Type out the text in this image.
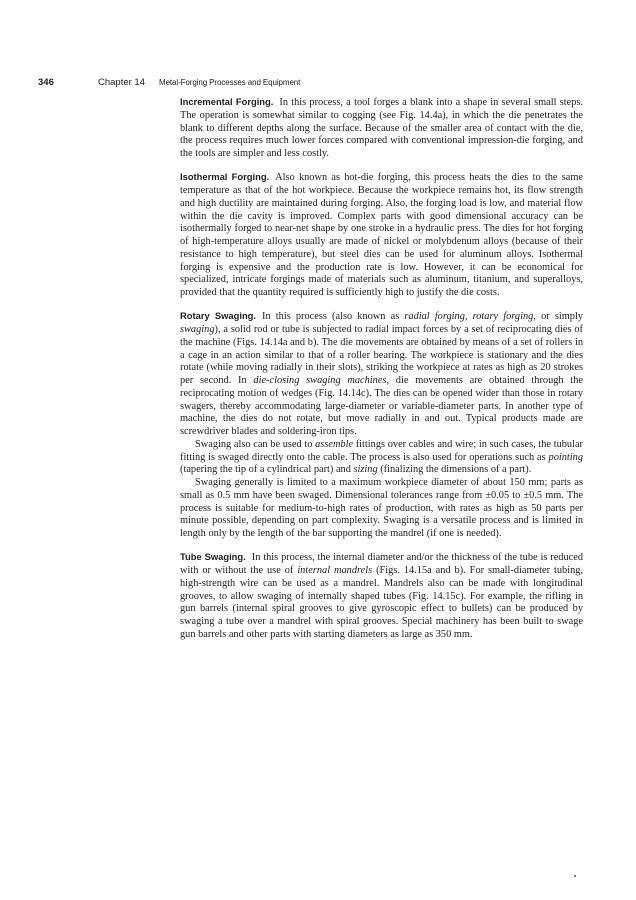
346	Chapter 14 Metal-Forging Processes and Equipment

Incremental Forging. In this process, a tool forges a blank into a shape in several small steps. The operation is somewhat similar to cogging (see Fig. 14.4a), in which the die penetrates the blank to different depths along the surface. Because of the smaller area of contact with the die, the process requires much lower forces compared with conventional impression-die forging, and the tools are simpler and less costly.

Isothermal Forging. Also known as hot-die forging, this process heats the dies to the same temperature as that of the hot workpiece. Because the workpiece remains hot, its flow strength and high ductility are maintained during forging. Also, the forging load is low, and material flow within the die cavity is improved. Complex parts with good dimensional accuracy can be isothermally forged to near-net shape by one stroke in a hydraulic press. The dies for hot forging of high-temperature alloys usually are made of nickel or molybdenum alloys (because of their resistance to high temperature), but steel dies can be used for aluminum alloys. Isothermal forging is expensive and the production rate is low. However, it can be economical for specialized, intricate forgings made of materials such as aluminum, titanium, and superalloys, provided that the quantity required is sufficiently high to justify the die costs.

Rotary Swaging. In this process (also known as radial forging, rotary forging, or simply swaging), a solid rod or tube is subjected to radial impact forces by a set of reciprocating dies of the machine (Figs. 14.14a and b). The die movements are obtained by means of a set of rollers in a cage in an action similar to that of a roller bearing. The workpiece is stationary and the dies rotate (while moving radially in their slots), striking the workpiece at rates as high as 20 strokes per second. In die-closing swaging machines, die movements are obtained through the reciprocating motion of wedges (Fig. 14.14c). The dies can be opened wider than those in rotary swagers, thereby accommodating large-diameter or variable-diameter parts. In another type of machine, the dies do not rotate, but move radially in and out. Typical products made are screwdriver blades and soldering-iron tips.

Swaging also can be used to assemble fittings over cables and wire; in such cases, the tubular fitting is swaged directly onto the cable. The process is also used for operations such as pointing (tapering the tip of a cylindrical part) and sizing (finalizing the dimensions of a part).

Swaging generally is limited to a maximum workpiece diameter of about 150 mm; parts as small as 0.5 mm have been swaged. Dimensional tolerances range from ±0.05 to ±0.5 mm. The process is suitable for medium-to-high rates of production, with rates as high as 50 parts per minute possible, depending on part complexity. Swaging is a versatile process and is limited in length only by the length of the bar supporting the mandrel (if one is needed).

Tube Swaging. In this process, the internal diameter and/or the thickness of the tube is reduced with or without the use of internal mandrels (Figs. 14.15a and b). For small-diameter tubing, high-strength wire can be used as a mandrel. Mandrels also can be made with longitudinal grooves, to allow swaging of internally shaped tubes (Fig. 14.15c). For example, the rifling in gun barrels (internal spiral grooves to give gyroscopic effect to bullets) can be produced by swaging a tube over a mandrel with spiral grooves. Special machinery has been built to swage gun barrels and other parts with starting diameters as large as 350 mm.
